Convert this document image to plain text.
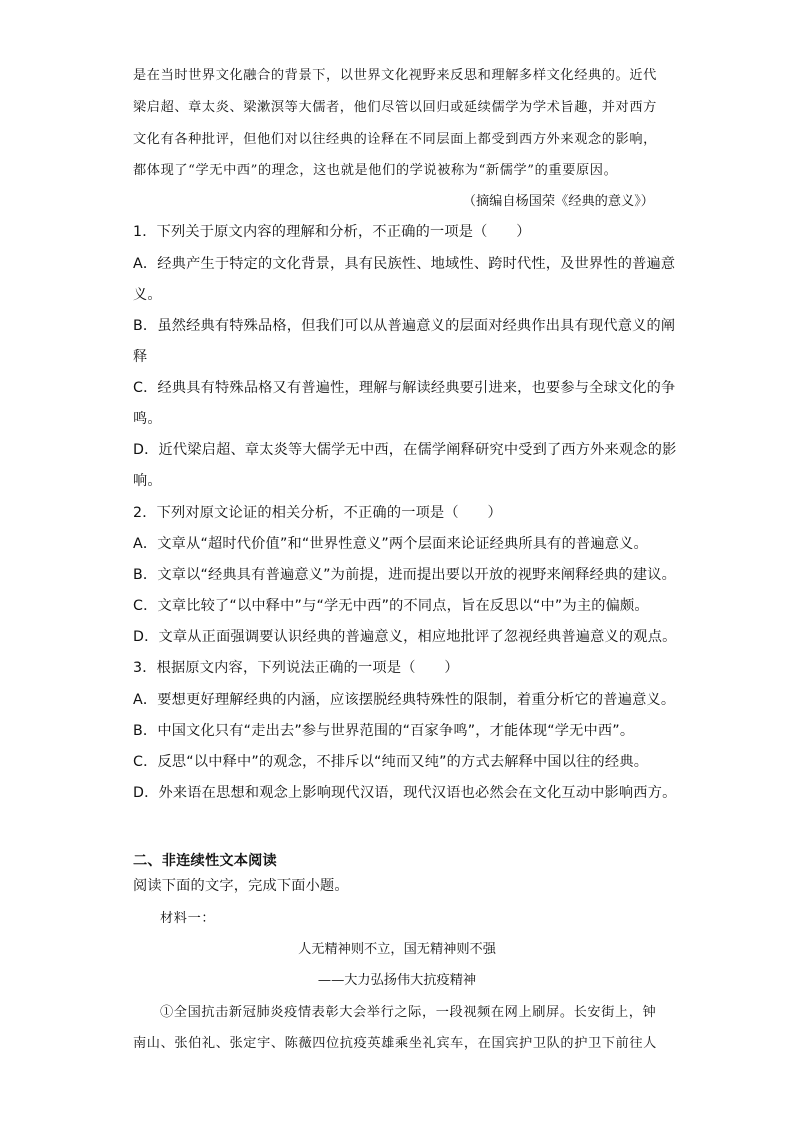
是在当时世界文化融合的背景下，以世界文化视野来反思和理解多样文化经典的。近代
梁启超、章太炎、梁漱溟等大儒者，他们尽管以回归或延续儒学为学术旨趣，并对西方
文化有各种批评，但他们对以往经典的诠释在不同层面上都受到西方外来观念的影响，
都体现了“学无中西”的理念，这也就是他们的学说被称为“新儒学”的重要原因。
（摘编自杨国荣《经典的意义》）
1．下列关于原文内容的理解和分析，不正确的一项是（　　）
A．经典产生于特定的文化背景，具有民族性、地域性、跨时代性，及世界性的普遍意
义。
B．虽然经典有特殊品格，但我们可以从普遍意义的层面对经典作出具有现代意义的阐
释
C．经典具有特殊品格又有普遍性，理解与解读经典要引进来，也要参与全球文化的争
鸣。
D．近代梁启超、章太炎等大儒学无中西，在儒学阐释研究中受到了西方外来观念的影
响。
2．下列对原文论证的相关分析，不正确的一项是（　　）
A．文章从“超时代价值”和“世界性意义”两个层面来论证经典所具有的普遍意义。
B．文章以“经典具有普遍意义”为前提，进而提出要以开放的视野来阐释经典的建议。
C．文章比较了“以中释中”与“学无中西”的不同点，旨在反思以“中”为主的偏颇。
D．文章从正面强调要认识经典的普遍意义，相应地批评了忽视经典普遍意义的观点。
3．根据原文内容，下列说法正确的一项是（　　）
A．要想更好理解经典的内涵，应该摆脱经典特殊性的限制，着重分析它的普遍意义。
B．中国文化只有“走出去”参与世界范围的“百家争鸣”，才能体现“学无中西”。
C．反思“以中释中”的观念，不排斥以“纯而又纯”的方式去解释中国以往的经典。
D．外来语在思想和观念上影响现代汉语，现代汉语也必然会在文化互动中影响西方。
二、非连续性文本阅读
阅读下面的文字，完成下面小题。
材料一：
人无精神则不立，国无精神则不强
——大力弘扬伟大抗疫精神
①全国抗击新冠肺炎疫情表彰大会举行之际，一段视频在网上刷屏。长安街上，钟
南山、张伯礼、张定宇、陈薇四位抗疫英雄乘坐礼宾车，在国宾护卫队的护卫下前往人
